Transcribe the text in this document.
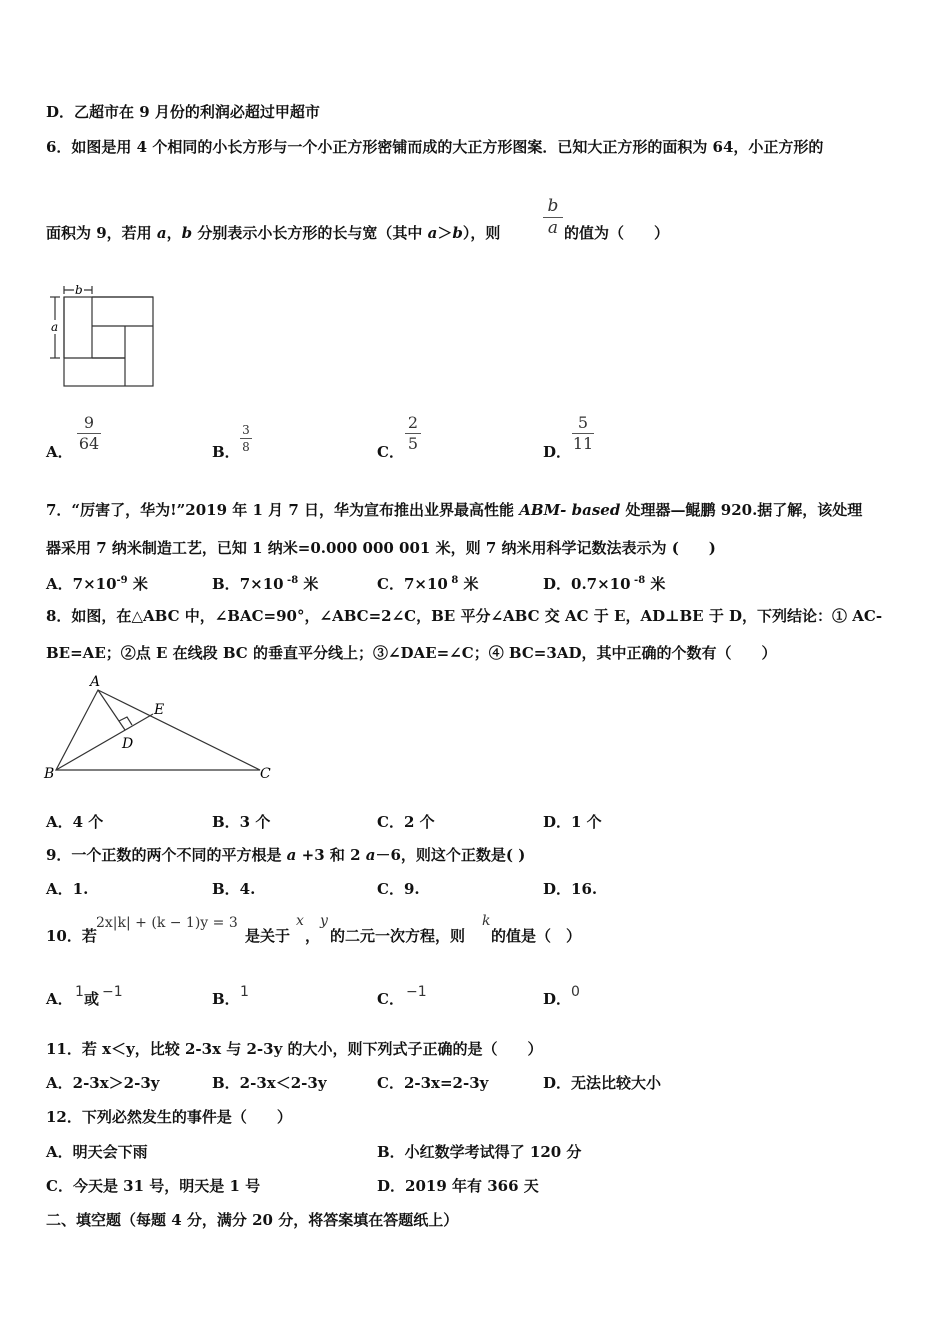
D．乙超市在 9 月份的利润必超过甲超市
6．如图是用 4 个相同的小长方形与一个小正方形密铺而成的大正方形图案．已知大正方形的面积为 64，小正方形的
面积为 9，若用 a，b 分别表示小长方形的长与宽（其中 a＞b），则
b
a 的值为（　　）
b
a
A．
9
64	B．
3
8	C．
2
5	D．
5
11
7．“厉害了，华为!”2019 年 1 月 7 日，华为宣布推出业界最高性能 ABM- based 处理器—鲲鹏 920.据了解，该处理
器采用 7 纳米制造工艺，已知 1 纳米=0.000 000 001 米，则 7 纳米用科学记数法表示为 (　　)
A．$7\times 10^{-9}$ 米	B．7×10 $^{-8}$ 米	C．7×10 $^8$ 米	D．0.7×10 $^{-8}$ 米
8．如图，在△ABC 中，∠BAC=90°，∠ABC=2∠C，BE 平分∠ABC 交 AC 于 E，AD⊥BE 于 D，下列结论：① AC-
BE=AE；②点 E 在线段 BC 的垂直平分线上；③∠DAE=∠C；④ BC=3AD，其中正确的个数有（　　）
A
B	C
D
E
A．4 个	B．3 个	C．2 个	D．1 个
9．一个正数的两个不同的平方根是 a +3 和 2 a－6，则这个正数是( )
A．1.	B．4.	C．9.	D．16.
10．若
2x|k| + (k − 1)y = 3
是关于
x
，
y
的二元一次方程，则
k
的值是（　）
A． 1 或 −1	B． 1	C． −1	D． 0
11．若 x＜y，比较 2-3x 与 2-3y 的大小，则下列式子正确的是（　　）
A．2-3x＞2-3y	B．2-3x＜2-3y	C．2-3x=2-3y	D．无法比较大小
12．下列必然发生的事件是（　　）
A．明天会下雨	B．小红数学考试得了 120 分
C．今天是 31 号，明天是 1 号	D．2019 年有 366 天
二、填空题（每题 4 分，满分 20 分，将答案填在答题纸上）
